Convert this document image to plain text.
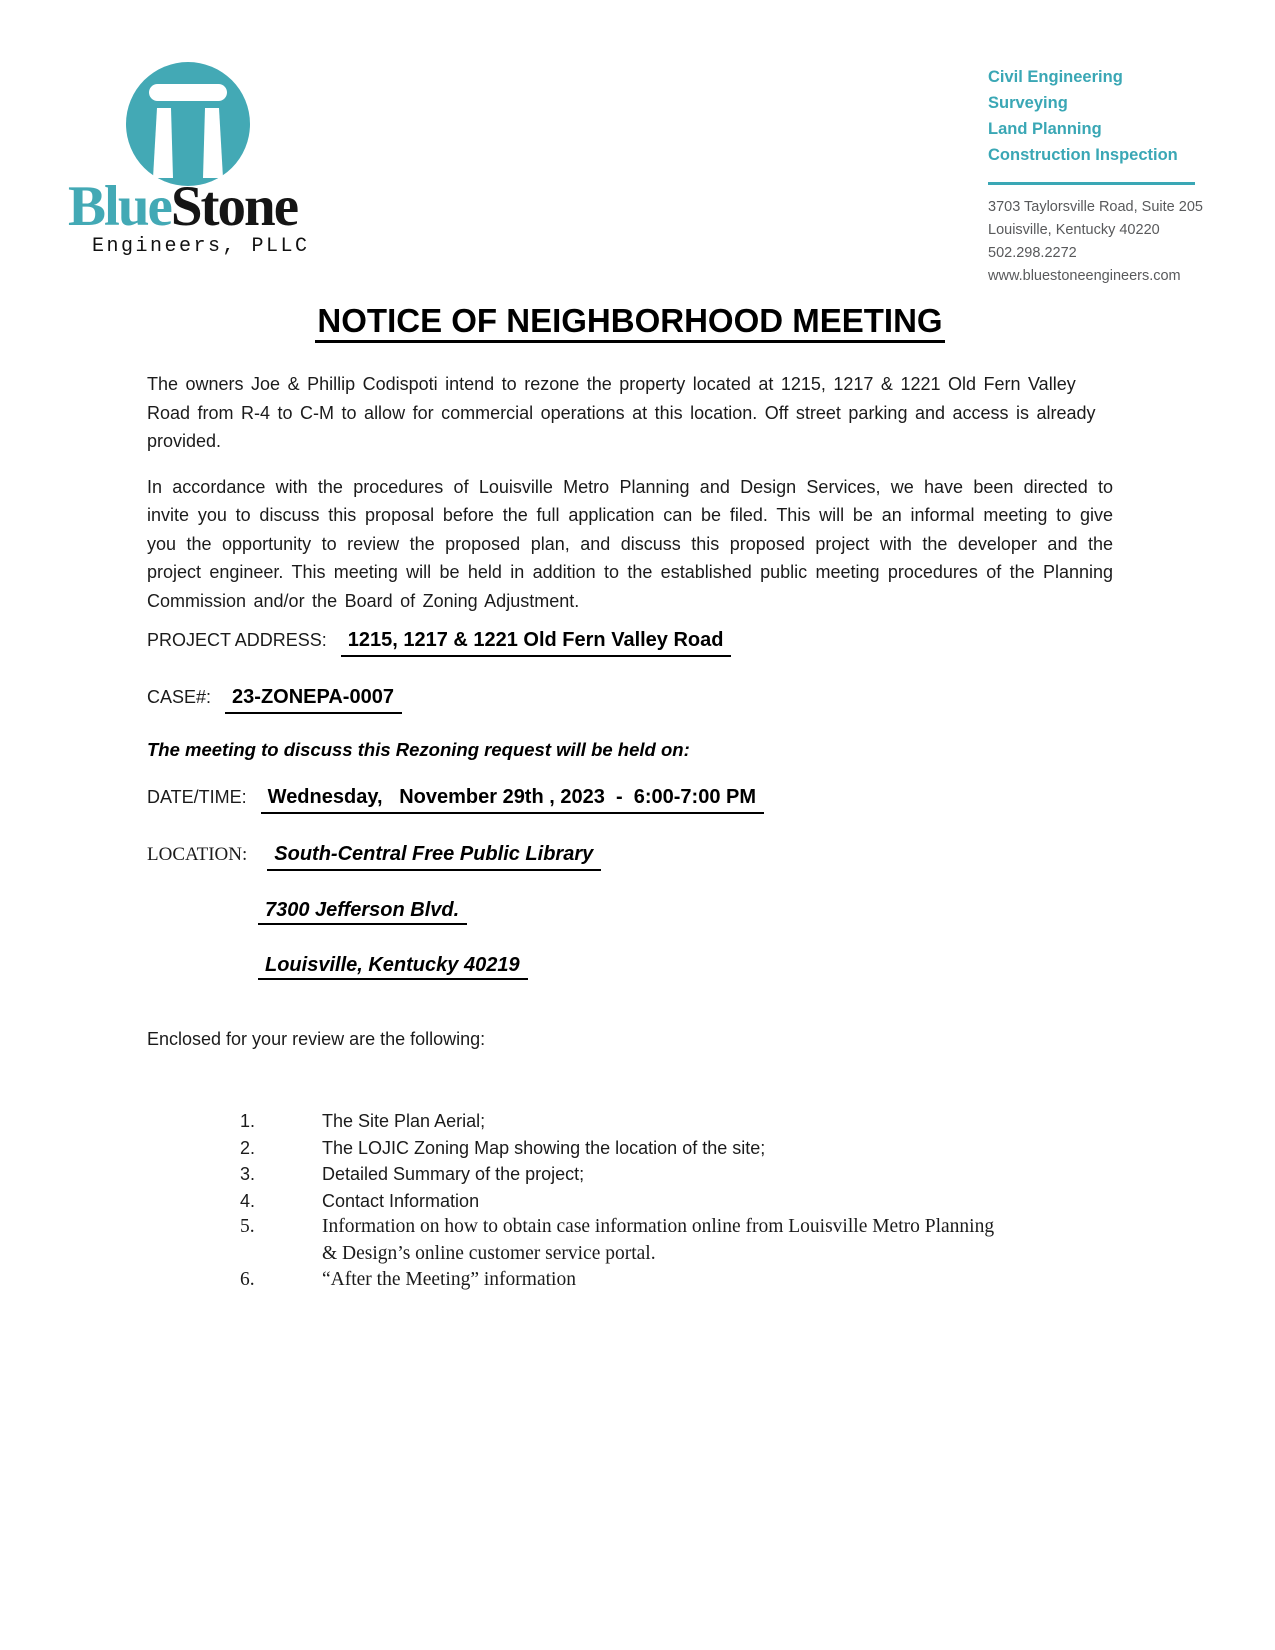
BlueStone
Engineers, PLLC
Civil Engineering
Surveying
Land Planning
Construction Inspection
3703 Taylorsville Road, Suite 205
Louisville, Kentucky 40220
502.298.2272
www.bluestoneengineers.com
NOTICE OF NEIGHBORHOOD MEETING

The owners Joe & Phillip Codispoti intend to rezone the property located at 1215, 1217 & 1221 Old Fern Valley Road from R-4 to C-M to allow for commercial operations at this location. Off street parking and access is already provided.

In accordance with the procedures of Louisville Metro Planning and Design Services, we have been directed to invite you to discuss this proposal before the full application can be filed. This will be an informal meeting to give you the opportunity to review the proposed plan, and discuss this proposed project with the developer and the project engineer. This meeting will be held in addition to the established public meeting procedures of the Planning Commission and/or the Board of Zoning Adjustment.

PROJECT ADDRESS:	1215, 1217 & 1221 Old Fern Valley Road
CASE#:	23-ZONEPA-0007

The meeting to discuss this Rezoning request will be held on:

DATE/TIME:	Wednesday,   November 29th , 2023  -  6:00-7:00 PM
LOCATION:	South-Central Free Public Library
7300 Jefferson Blvd.
Louisville, Kentucky 40219

Enclosed for your review are the following:

1.	The Site Plan Aerial;
2.	The LOJIC Zoning Map showing the location of the site;
3.	Detailed Summary of the project;
4.	Contact Information
5.	Information on how to obtain case information online from Louisville Metro Planning & Design’s online customer service portal.
6.	“After the Meeting” information
